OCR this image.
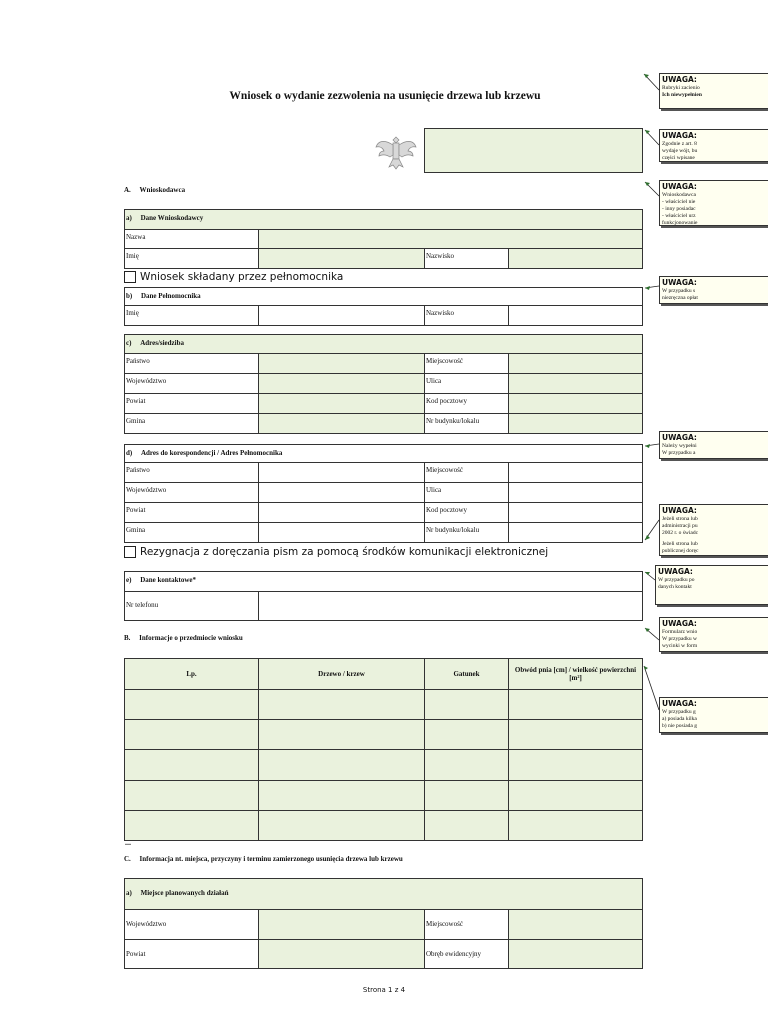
Wniosek o wydanie zezwolenia na usunięcie drzewa lub krzewu
A.     Wnioskodawca
a)     Dane Wnioskodawcy
Nazwa
Imię	Nazwisko
Wniosek składany przez pełnomocnika
b)     Dane Pełnomocnika
Imię	Nazwisko
c)     Adres/siedziba
Państwo	Miejscowość
Województwo	Ulica
Powiat	Kod pocztowy
Gmina	Nr budynku/lokalu
d)     Adres do korespondencji / Adres Pełnomocnika
Państwo	Miejscowość
Województwo	Ulica
Powiat	Kod pocztowy
Gmina	Nr budynku/lokalu
Rezygnacja z doręczania pism za pomocą środków komunikacji elektronicznej
e)     Dane kontaktowe*
Nr telefonu
B.     Informacje o przedmiocie wniosku
Lp.	Drzewo / krzew	Gatunek	Obwód pnia [cm] / wielkość powierzchni [m²]
...
C.     Informacja nt. miejsca, przyczyny i terminu zamierzonego usunięcia drzewa lub krzewu
a)     Miejsce planowanych działań
Województwo	Miejscowość
Powiat	Obręb ewidencyjny
Strona 1 z 4
UWAGA:
Rubryki zacienio
Ich niewypełnien
UWAGA:
Zgodnie z art. 8
wydaje wójt, bu
części wpisane
UWAGA:
Wnioskodawca
- właściciel nie
- inny posiadac
- właściciel urz
funkcjonowanie
UWAGA:
W przypadku s
niezręczna opłat
UWAGA:
Należy wypełni
W przypadku a
UWAGA:
Jeżeli strona lub
administracji pu
2002 r. o świadc
Jeżeli strona lub
publicznej doręc
UWAGA:
W przypadku po
danych kontakt
UWAGA:
Formularz wnio
W przypadku w
wycinki w form
UWAGA:
W przypadku g
a) posiada kilka
b) nie posiada g
